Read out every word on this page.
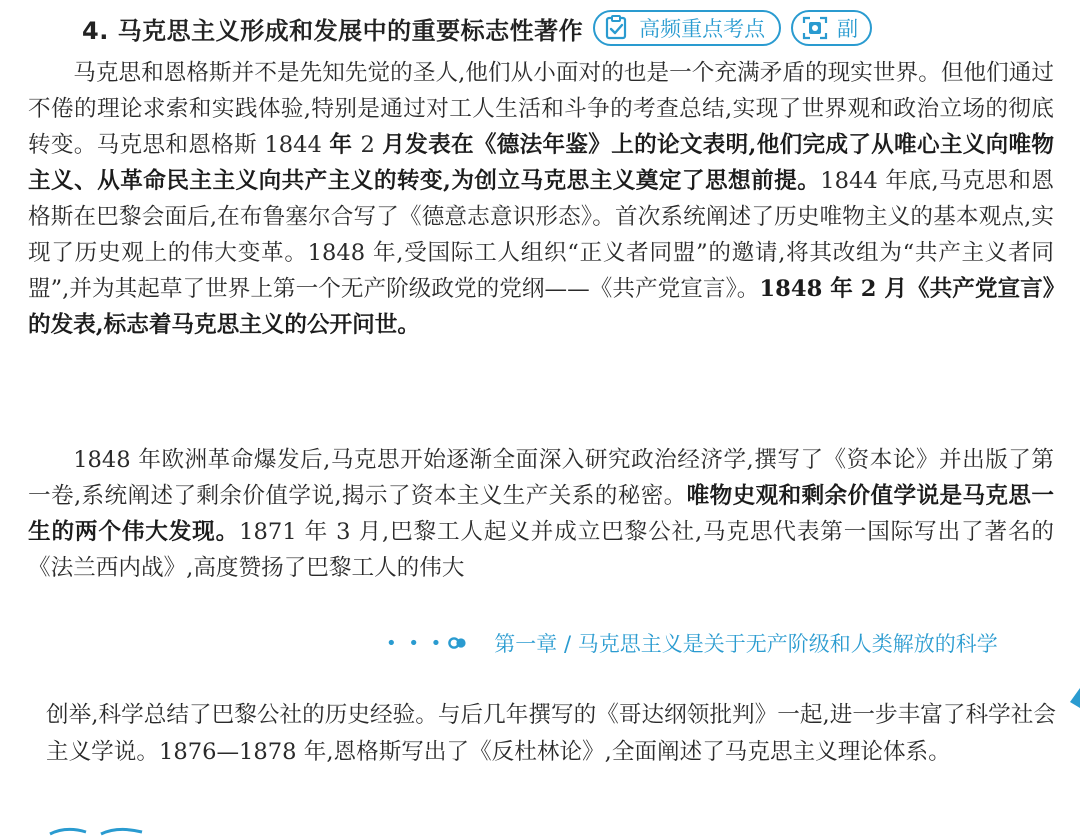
4. 马克思主义形成和发展中的重要标志性著作	高频重点考点	副

马克思和恩格斯并不是先知先觉的圣人,他们从小面对的也是一个充满矛盾的现实世界。但他们通过不倦的理论求索和实践体验,特别是通过对工人生活和斗争的考查总结,实现了世界观和政治立场的彻底转变。马克思和恩格斯 1844 年 2 月发表在《德法年鉴》上的论文表明,他们完成了从唯心主义向唯物主义、从革命民主主义向共产主义的转变,为创立马克思主义奠定了思想前提。1844 年底,马克思和恩格斯在巴黎会面后,在布鲁塞尔合写了《德意志意识形态》。首次系统阐述了历史唯物主义的基本观点,实现了历史观上的伟大变革。1848 年,受国际工人组织“正义者同盟”的邀请,将其改组为“共产主义者同盟”,并为其起草了世界上第一个无产阶级政党的党纲——《共产党宣言》。1848 年 2 月《共产党宣言》的发表,标志着马克思主义的公开问世。

1848 年欧洲革命爆发后,马克思开始逐渐全面深入研究政治经济学,撰写了《资本论》并出版了第一卷,系统阐述了剩余价值学说,揭示了资本主义生产关系的秘密。唯物史观和剩余价值学说是马克思一生的两个伟大发现。1871 年 3 月,巴黎工人起义并成立巴黎公社,马克思代表第一国际写出了著名的《法兰西内战》,高度赞扬了巴黎工人的伟大

• • • 第一章 / 马克思主义是关于无产阶级和人类解放的科学

创举,科学总结了巴黎公社的历史经验。与后几年撰写的《哥达纲领批判》一起,进一步丰富了科学社会主义学说。1876—1878 年,恩格斯写出了《反杜林论》,全面阐述了马克思主义理论体系。
